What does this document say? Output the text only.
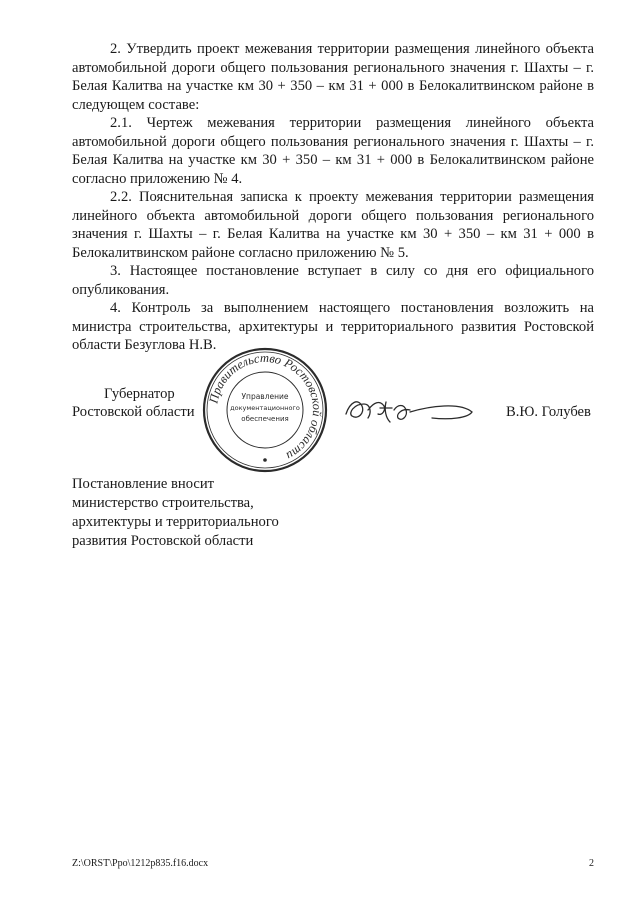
2. Утвердить проект межевания территории размещения линейного объекта автомобильной дороги общего пользования регионального значения г. Шахты – г. Белая Калитва на участке км 30 + 350 – км 31 + 000 в Белокалитвинском районе в следующем составе:

2.1. Чертеж межевания территории размещения линейного объекта автомобильной дороги общего пользования регионального значения г. Шахты – г. Белая Калитва на участке км 30 + 350 – км 31 + 000 в Белокалитвинском районе согласно приложению № 4.

2.2. Пояснительная записка к проекту межевания территории размещения линейного объекта автомобильной дороги общего пользования регионального значения г. Шахты – г. Белая Калитва на участке км 30 + 350 – км 31 + 000 в Белокалитвинском районе согласно приложению № 5.

3. Настоящее постановление вступает в силу со дня его официального опубликования.

4. Контроль за выполнением настоящего постановления возложить на министра строительства, архитектуры и территориального развития Ростовской области Безуглова Н.В.

Губернатор

Ростовской области

Правительство Ростовской области
Управление
документационного
обеспечения	В.Ю. Голубев

Постановление вносит

министерство строительства,

архитектуры и территориального

развития Ростовской области

Z:\ORST\Ppo\1212p835.f16.docx	2
